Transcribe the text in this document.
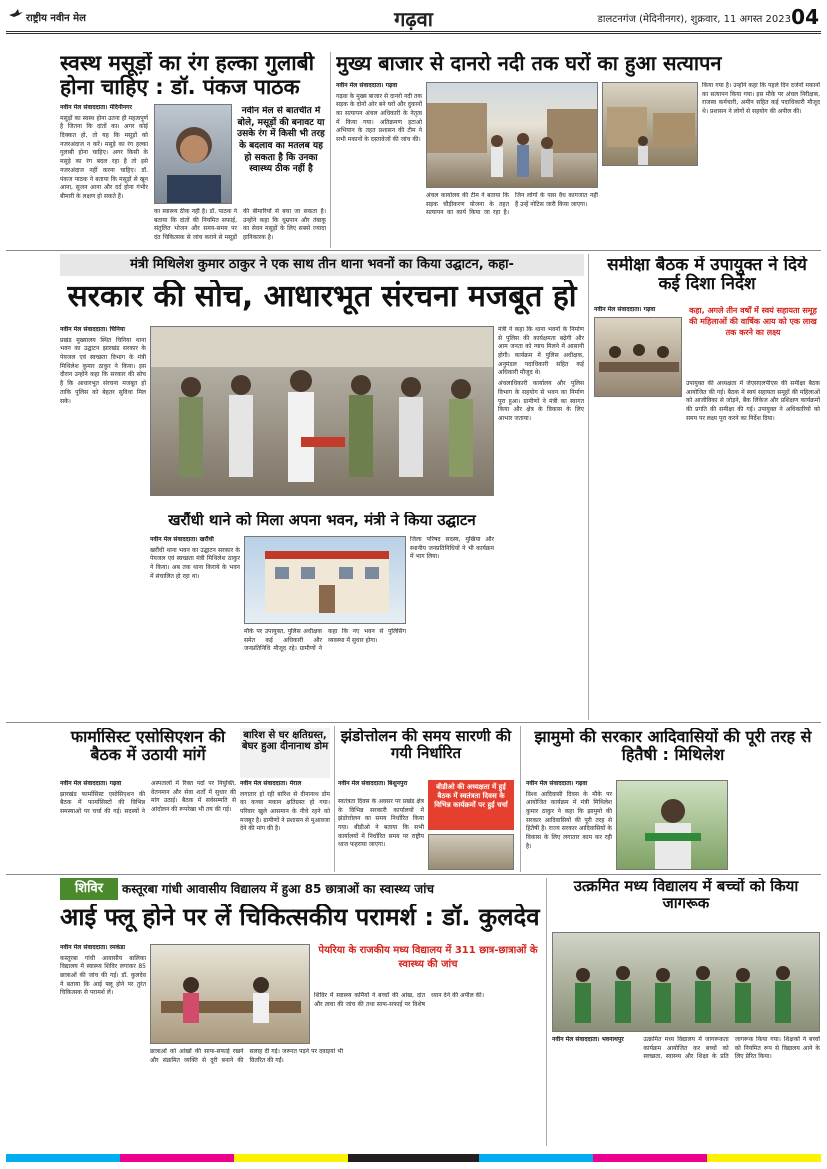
राष्ट्रीय नवीन मेल	गढ़वा	डालटनगंज (मेदिनीनगर), शुक्रवार, 11 अगस्त 2023 04
स्वस्थ मसूड़ों का रंग हल्का गुलाबी होना चाहिए : डॉ. पंकज पाठक

नवीन मेल संवाददाता। मेदिनीनगर

मसूड़ों का स्वस्थ होना उतना ही महत्वपूर्ण है जितना कि दांतों का। अगर कोई दिक्कत हो, तो यह कि मसूड़ों को नजरअंदाज न करें। मसूड़े का रंग हल्का गुलाबी होना चाहिए। अगर किसी के मसूड़े का रंग बदल रहा है तो इसे नजरअंदाज नहीं करना चाहिए। डॉ. पंकज पाठक ने बताया कि मसूड़ों से खून आना, सूजन आना और दर्द होना गंभीर बीमारी के लक्षण हो सकते हैं।

नवीन मेल से बातचीत में बोले, मसूड़ों की बनावट या उसके रंग में किसी भी तरह के बदलाव का मतलब यह हो सकता है कि उनका स्वास्थ्य ठीक नहीं है
का स्वास्थ्य ठीक नहीं है। डॉ. पाठक ने बताया कि दांतों की नियमित सफाई, संतुलित भोजन और समय-समय पर दंत चिकित्सक से जांच कराने से मसूड़ों की बीमारियों से बचा जा सकता है। उन्होंने कहा कि धूम्रपान और तंबाकू का सेवन मसूड़ों के लिए सबसे ज्यादा हानिकारक है।
मुख्य बाजार से दानरो नदी तक घरों का हुआ सत्यापन

नवीन मेल संवाददाता। गढ़वा

गढ़वा के मुख्य बाजार से दानरो नदी तक सड़क के दोनों ओर बने घरों और दुकानों का सत्यापन अंचल अधिकारी के नेतृत्व में किया गया। अतिक्रमण हटाओ अभियान के तहत प्रशासन की टीम ने सभी मकानों के दस्तावेजों की जांच की।

अंचल कार्यालय की टीम ने बताया कि सड़क चौड़ीकरण योजना के तहत सत्यापन का कार्य किया जा रहा है। जिन लोगों के पास वैध कागजात नहीं हैं उन्हें नोटिस जारी किया जाएगा।
किया गया है। उन्होंने कहा कि पहले दिन दर्जनों मकानों का सत्यापन किया गया। इस मौके पर अंचल निरीक्षक, राजस्व कर्मचारी, अमीन सहित कई पदाधिकारी मौजूद थे। प्रशासन ने लोगों से सहयोग की अपील की।
मंत्री मिथिलेश कुमार ठाकुर ने एक साथ तीन थाना भवनों का किया उद्घाटन, कहा-
सरकार की सोच, आधारभूत संरचना मजबूत हो

नवीन मेल संवाददाता। चिनिया

प्रखंड मुख्यालय स्थित चिनिया थाना भवन का उद्घाटन झारखंड सरकार के पेयजल एवं स्वच्छता विभाग के मंत्री मिथिलेश कुमार ठाकुर ने किया। इस दौरान उन्होंने कहा कि सरकार की सोच है कि आधारभूत संरचना मजबूत हो ताकि पुलिस को बेहतर सुविधा मिल सके।

मंत्री ने कहा कि थाना भवनों के निर्माण से पुलिस की कार्यक्षमता बढ़ेगी और आम जनता को न्याय मिलने में आसानी होगी। कार्यक्रम में पुलिस अधीक्षक, अनुमंडल पदाधिकारी सहित कई अधिकारी मौजूद थे।

अंचलाधिकारी कार्यालय और पुलिस विभाग के सहयोग से भवन का निर्माण पूरा हुआ। ग्रामीणों ने मंत्री का स्वागत किया और क्षेत्र के विकास के लिए आभार जताया।

खरौंधी थाने को मिला अपना भवन, मंत्री ने किया उद्घाटन

नवीन मेल संवाददाता। खरौंधी

खरौंधी थाना भवन का उद्घाटन सरकार के पेयजल एवं स्वच्छता मंत्री मिथिलेश ठाकुर ने किया। अब तक थाना किराये के भवन में संचालित हो रहा था।

जिला परिषद सदस्य, मुखिया और स्थानीय जनप्रतिनिधियों ने भी कार्यक्रम में भाग लिया।
मौके पर उपायुक्त, पुलिस अधीक्षक समेत कई अधिकारी और जनप्रतिनिधि मौजूद रहे। ग्रामीणों ने कहा कि नए भवन से पुलिसिंग व्यवस्था में सुधार होगा।
समीक्षा बैठक में उपायुक्त ने दिये कई दिशा निर्देश

नवीन मेल संवाददाता। गढ़वा	कहा, अगले तीन वर्षों में स्वयं सहायता समूह की महिलाओं की वार्षिक आय को एक लाख तक करने का लक्ष्य
उपायुक्त की अध्यक्षता में जेएसएलपीएस की समीक्षा बैठक आयोजित की गई। बैठक में स्वयं सहायता समूहों की महिलाओं को आजीविका से जोड़ने, बैंक लिंकेज और प्रशिक्षण कार्यक्रमों की प्रगति की समीक्षा की गई। उपायुक्त ने अधिकारियों को समय पर लक्ष्य पूरा करने का निर्देश दिया।
फार्मासिस्ट एसोसिएशन की बैठक में उठायी मांगें

नवीन मेल संवाददाता। गढ़वा

झारखंड फार्मासिस्ट एसोसिएशन की बैठक में फार्मासिस्टों की विभिन्न समस्याओं पर चर्चा की गई। सदस्यों ने अस्पतालों में रिक्त पदों पर नियुक्ति, वेतनमान और सेवा शर्तों में सुधार की मांग उठाई। बैठक में सर्वसम्मति से आंदोलन की रूपरेखा भी तय की गई।

बारिश से घर क्षतिग्रस्त, बेघर हुआ दीनानाथ डोम

नवीन मेल संवाददाता। मेराल

लगातार हो रही बारिश से दीनानाथ डोम का कच्चा मकान क्षतिग्रस्त हो गया। परिवार खुले आसमान के नीचे रहने को मजबूर है। ग्रामीणों ने प्रशासन से मुआवजा देने की मांग की है।

झंडोत्तोलन की समय सारणी की गयी निर्धारित

नवीन मेल संवाददाता। बिशुनपुरा	बीडीओ की अध्यक्षता में हुई बैठक में स्वतंत्रता दिवस के विभिन्न कार्यक्रमों पर हुई चर्चा
स्वतंत्रता दिवस के अवसर पर प्रखंड क्षेत्र के विभिन्न सरकारी कार्यालयों में झंडोत्तोलन का समय निर्धारित किया गया। बीडीओ ने बताया कि सभी कार्यालयों में निर्धारित समय पर राष्ट्रीय ध्वज फहराया जाएगा।
झामुमो की सरकार आदिवासियों की पूरी तरह से हितैषी : मिथिलेश

नवीन मेल संवाददाता। गढ़वा

विश्व आदिवासी दिवस के मौके पर आयोजित कार्यक्रम में मंत्री मिथिलेश कुमार ठाकुर ने कहा कि झामुमो की सरकार आदिवासियों की पूरी तरह से हितैषी है। राज्य सरकार आदिवासियों के विकास के लिए लगातार काम कर रही है।

शिविर	कस्तूरबा गांधी आवासीय विद्यालय में हुआ 85 छात्राओं का स्वास्थ्य जांच
आई फ्लू होने पर लें चिकित्सकीय परामर्श : डॉ. कुलदेव

नवीन मेल संवाददाता। रमकंडा

कस्तूरबा गांधी आवासीय बालिका विद्यालय में स्वास्थ्य शिविर लगाकर 85 छात्राओं की जांच की गई। डॉ. कुलदेव ने बताया कि आई फ्लू होने पर तुरंत चिकित्सक से परामर्श लें।

पेयरिया के राजकीय मध्य विद्यालय में 311 छात्र-छात्राओं के स्वास्थ्य की जांच
शिविर में स्वास्थ्य कर्मियों ने बच्चों की आंख, दांत और त्वचा की जांच की तथा साफ-सफाई पर विशेष ध्यान देने की अपील की।
छात्राओं को आंखों की साफ-सफाई रखने और संक्रमित व्यक्ति से दूरी बनाने की सलाह दी गई। जरूरत पड़ने पर दवाइयां भी वितरित की गईं।
उत्क्रमित मध्य विद्यालय में बच्चों को किया जागरूक

नवीन मेल संवाददाता। भवनाथपुर	उत्क्रमित मध्य विद्यालय में जागरूकता कार्यक्रम आयोजित कर बच्चों को स्वच्छता, स्वास्थ्य और शिक्षा के प्रति जागरूक किया गया। शिक्षकों ने बच्चों को नियमित रूप से विद्यालय आने के लिए प्रेरित किया।
